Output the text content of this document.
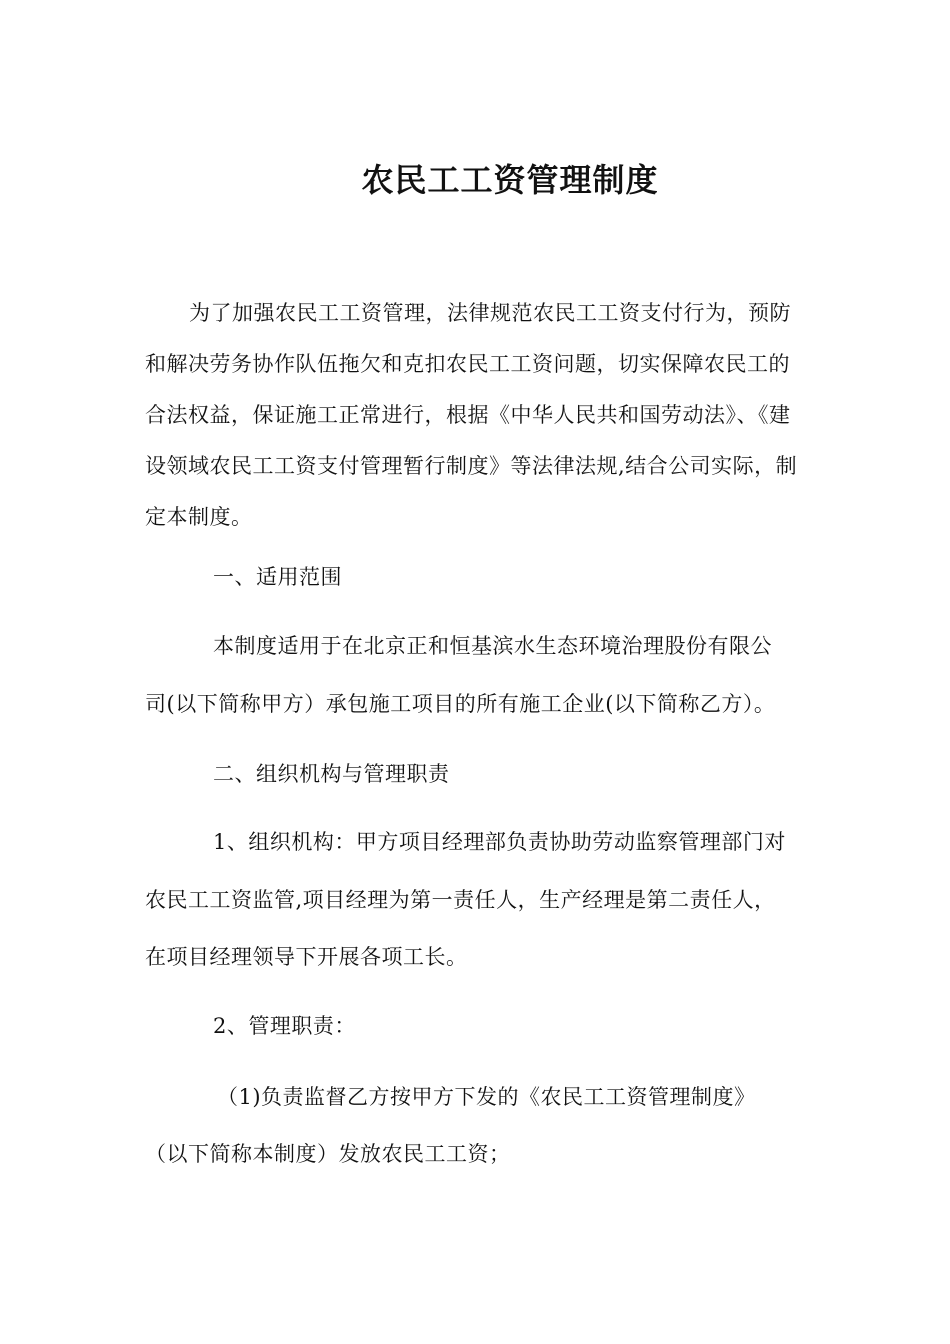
农民工工资管理制度

为了加强农民工工资管理，法律规范农民工工资支付行为，预防和解决劳务协作队伍拖欠和克扣农民工工资问题，切实保障农民工的合法权益，保证施工正常进行，根据《中华人民共和国劳动法》、《建设领域农民工工资支付管理暂行制度》等法律法规,结合公司实际，制定本制度。

一、适用范围

本制度适用于在北京正和恒基滨水生态环境治理股份有限公

司(以下简称甲方）承包施工项目的所有施工企业(以下简称乙方）。

二、组织机构与管理职责

1、组织机构：甲方项目经理部负责协助劳动监察管理部门对

农民工工资监管,项目经理为第一责任人，生产经理是第二责任人，

在项目经理领导下开展各项工长。

2、管理职责：

（1)负责监督乙方按甲方下发的《农民工工资管理制度》

（以下简称本制度）发放农民工工资；
